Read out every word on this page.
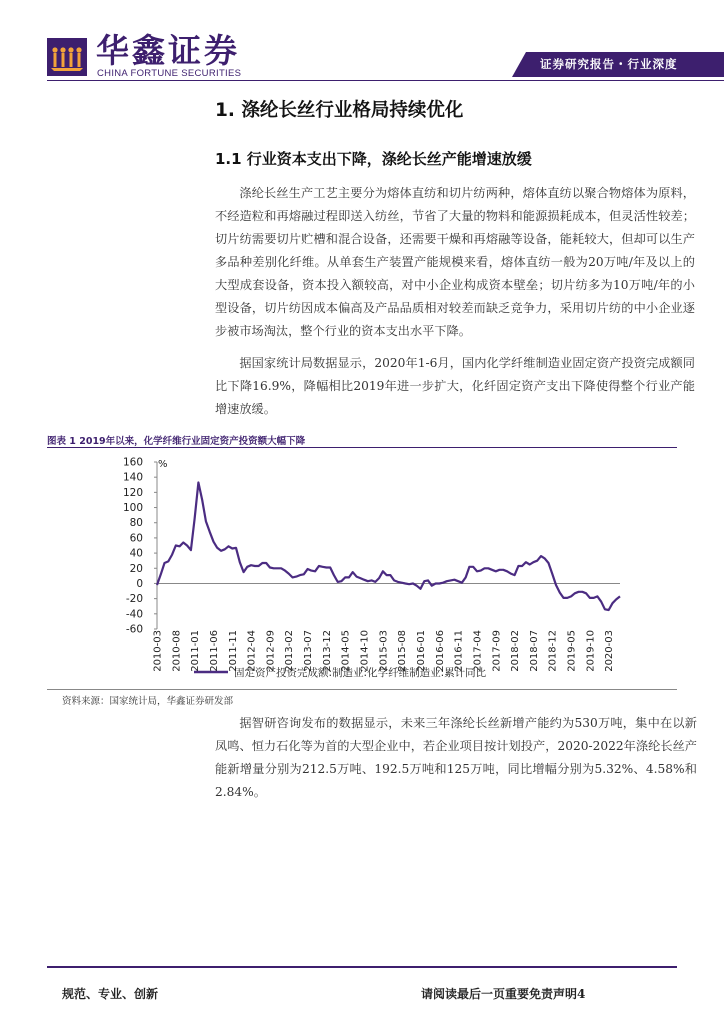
华鑫证券
CHINA FORTUNE SECURITIES
证券研究报告・行业深度
1. 涤纶长丝行业格局持续优化
1.1 行业资本支出下降，涤纶长丝产能增速放缓

涤纶长丝生产工艺主要分为熔体直纺和切片纺两种，熔体直纺以聚合物熔体为原料，不经造粒和再熔融过程即送入纺丝，节省了大量的物料和能源损耗成本，但灵活性较差；切片纺需要切片贮槽和混合设备，还需要干燥和再熔融等设备，能耗较大，但却可以生产多品种差别化纤维。从单套生产装置产能规模来看，熔体直纺一般为20万吨/年及以上的大型成套设备，资本投入额较高，对中小企业构成资本壁垒；切片纺多为10万吨/年的小型设备，切片纺因成本偏高及产品品质相对较差而缺乏竞争力，采用切片纺的中小企业逐步被市场淘汰，整个行业的资本支出水平下降。

据国家统计局数据显示，2020年1-6月，国内化学纤维制造业固定资产投资完成额同比下降16.9%，降幅相比2019年进一步扩大，化纤固定资产支出下降使得整个行业产能增速放缓。

图表 1 2019年以来，化学纤维行业固定资产投资额大幅下降
160
140
120
100
80
60
40
20
0
-20
-40
-60
%
2010-03 2010-08 2011-01 2011-06 2011-11 2012-04 2012-09 2013-02 2013-07 2013-12 2014-05 2014-10 2015-03 2015-08 2016-01 2016-06 2016-11 2017-04 2017-09 2018-02 2018-07 2018-12 2019-05 2019-10 2020-03
固定资产投资完成额:制造业:化学纤维制造业:累计同比
资料来源：国家统计局，华鑫证券研发部

据智研咨询发布的数据显示，未来三年涤纶长丝新增产能约为530万吨，集中在以新凤鸣、恒力石化等为首的大型企业中，若企业项目按计划投产，2020-2022年涤纶长丝产能新增量分别为212.5万吨、192.5万吨和125万吨，同比增幅分别为5.32%、4.58%和2.84%。

规范、专业、创新	请阅读最后一页重要免责声明4
